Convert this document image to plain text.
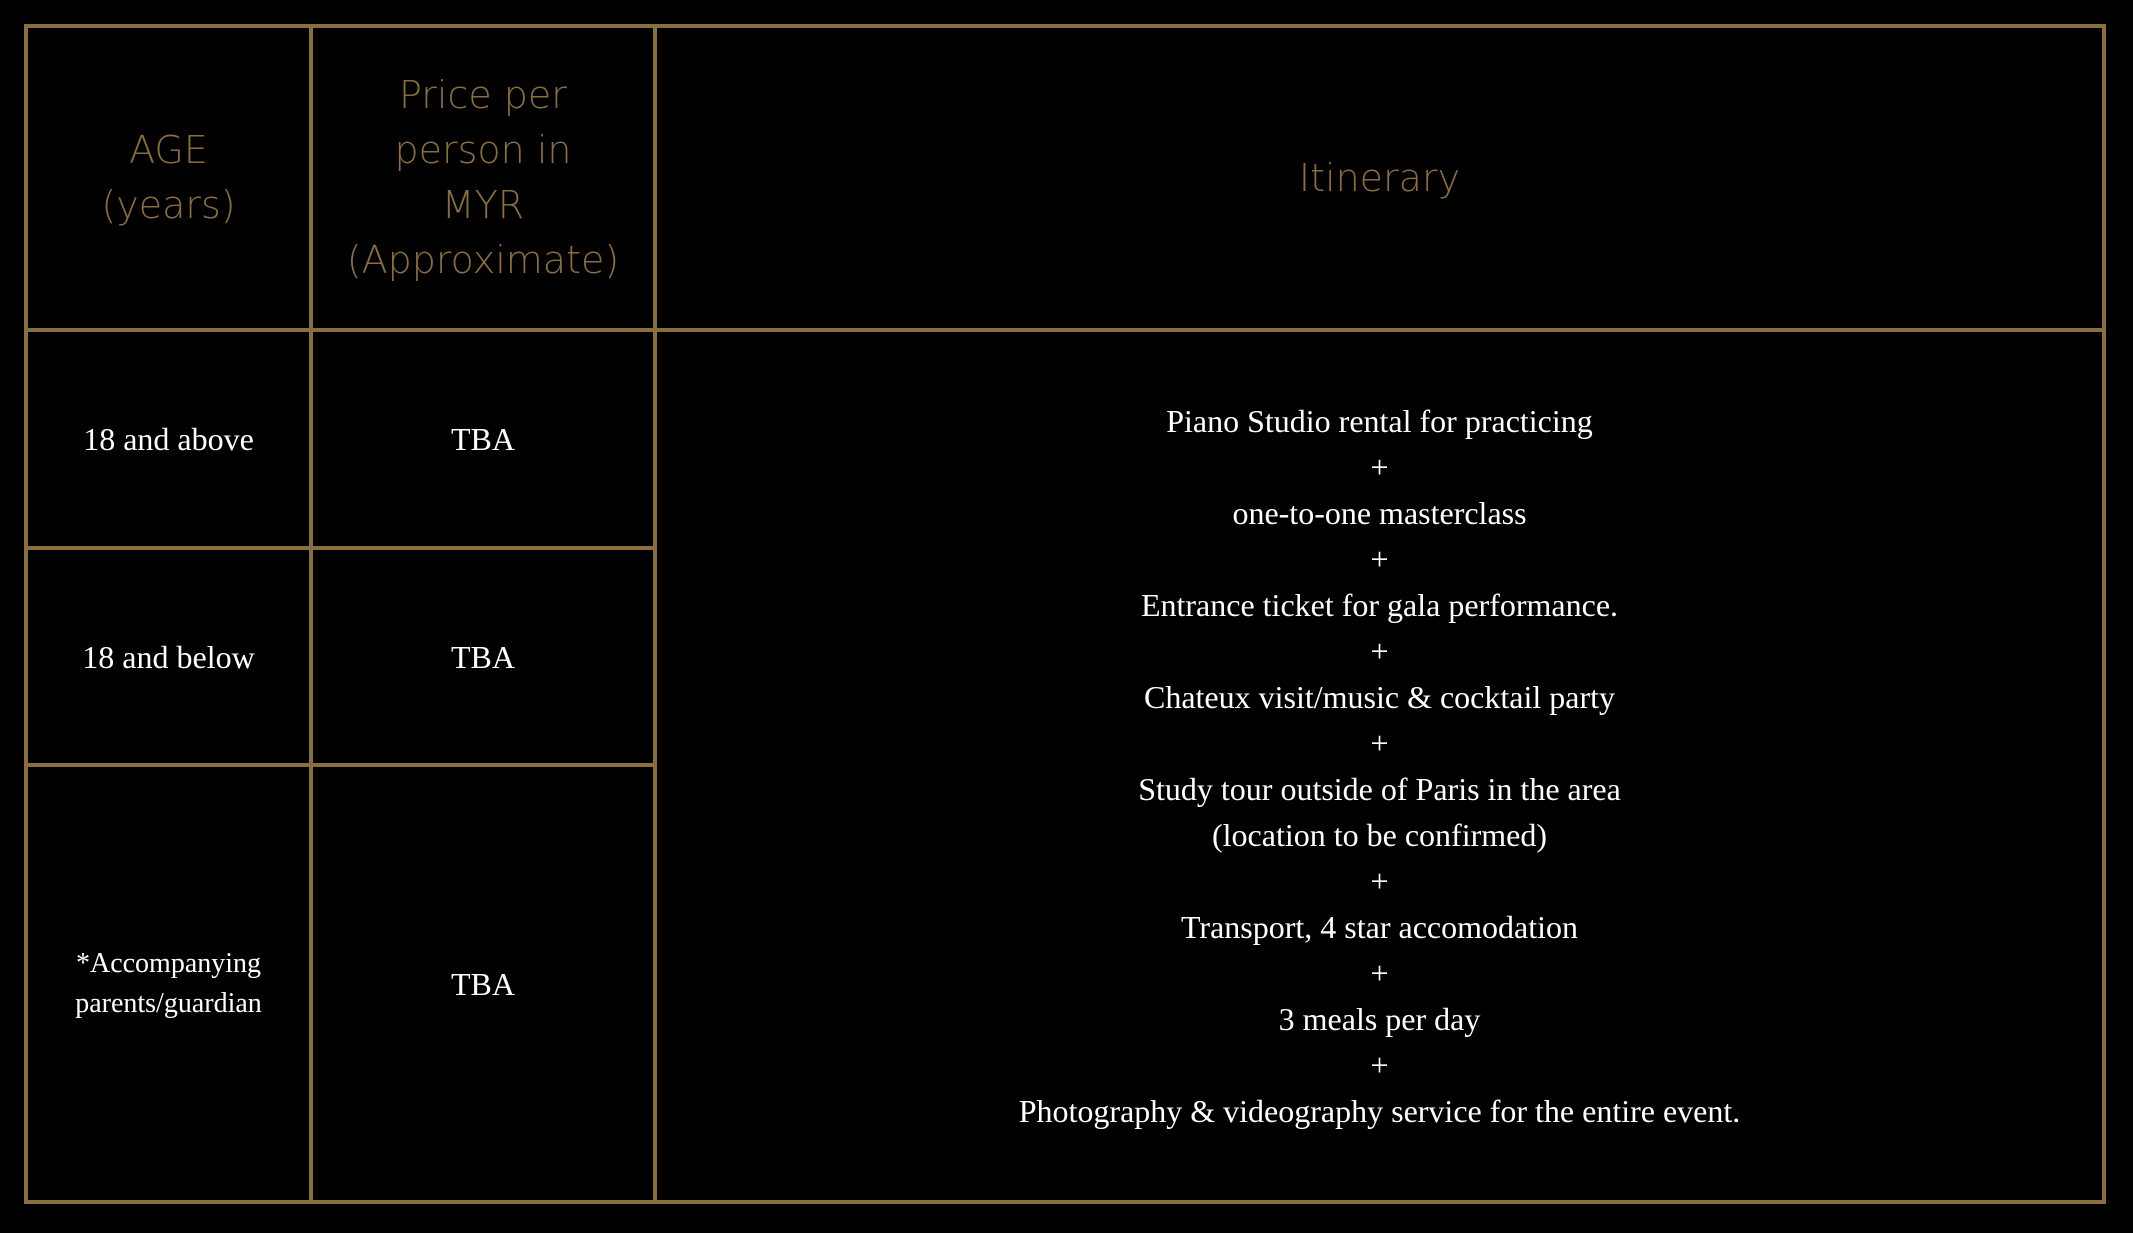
AGE
(years)
Price per
person in
MYR
(Approximate)
Itinerary
18 and above	TBA
18 and below	TBA
*Accompanying
parents/guardian
TBA
Piano Studio rental for practicing
+
one-to-one masterclass
+
Entrance ticket for gala performance.
+
Chateux visit/music & cocktail party
+
Study tour outside of Paris in the area
(location to be confirmed)
+
Transport, 4 star accomodation
+
3 meals per day
+
Photography & videography service for the entire event.
